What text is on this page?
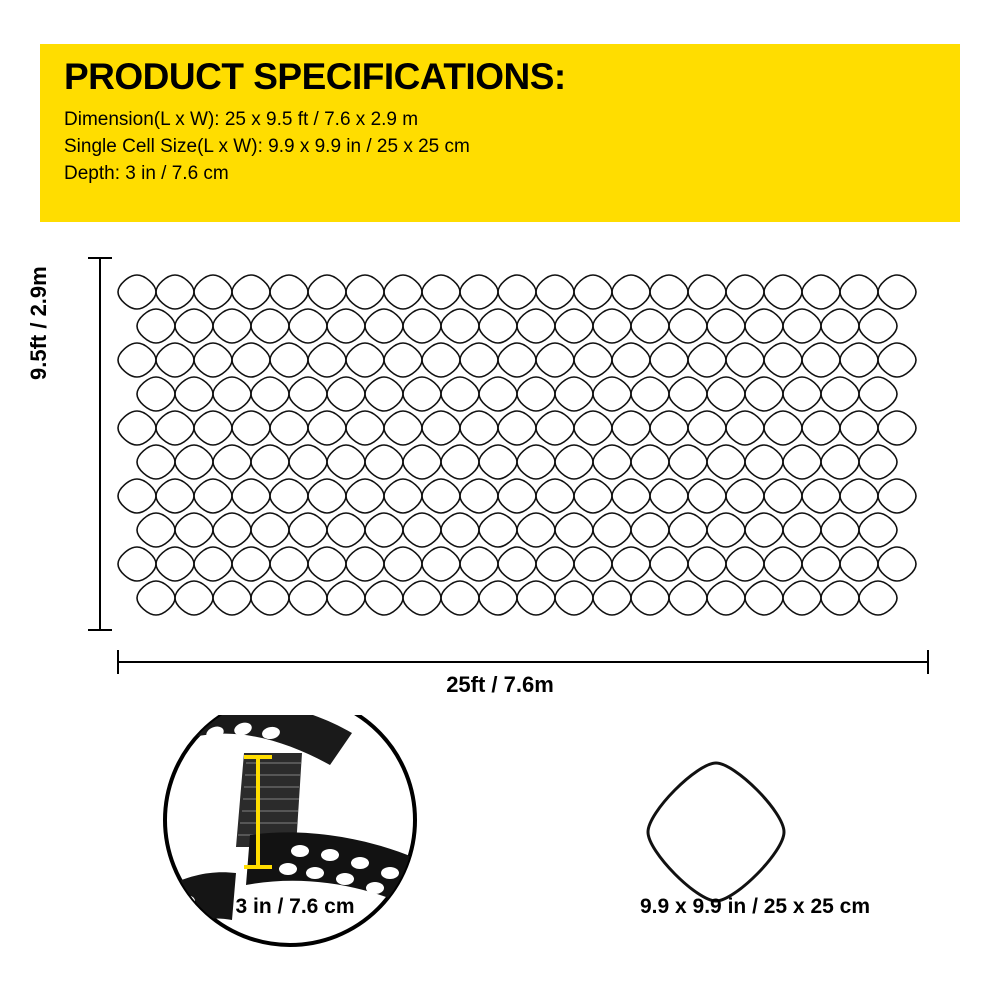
PRODUCT SPECIFICATIONS:
Dimension(L x W): 25 x 9.5 ft / 7.6 x 2.9 m
Single Cell Size(L x W): 9.9 x 9.9 in / 25 x 25 cm
Depth: 3 in / 7.6 cm
9.5ft / 2.9m
25ft / 7.6m
3 in / 7.6 cm	9.9 x 9.9 in / 25 x 25 cm
